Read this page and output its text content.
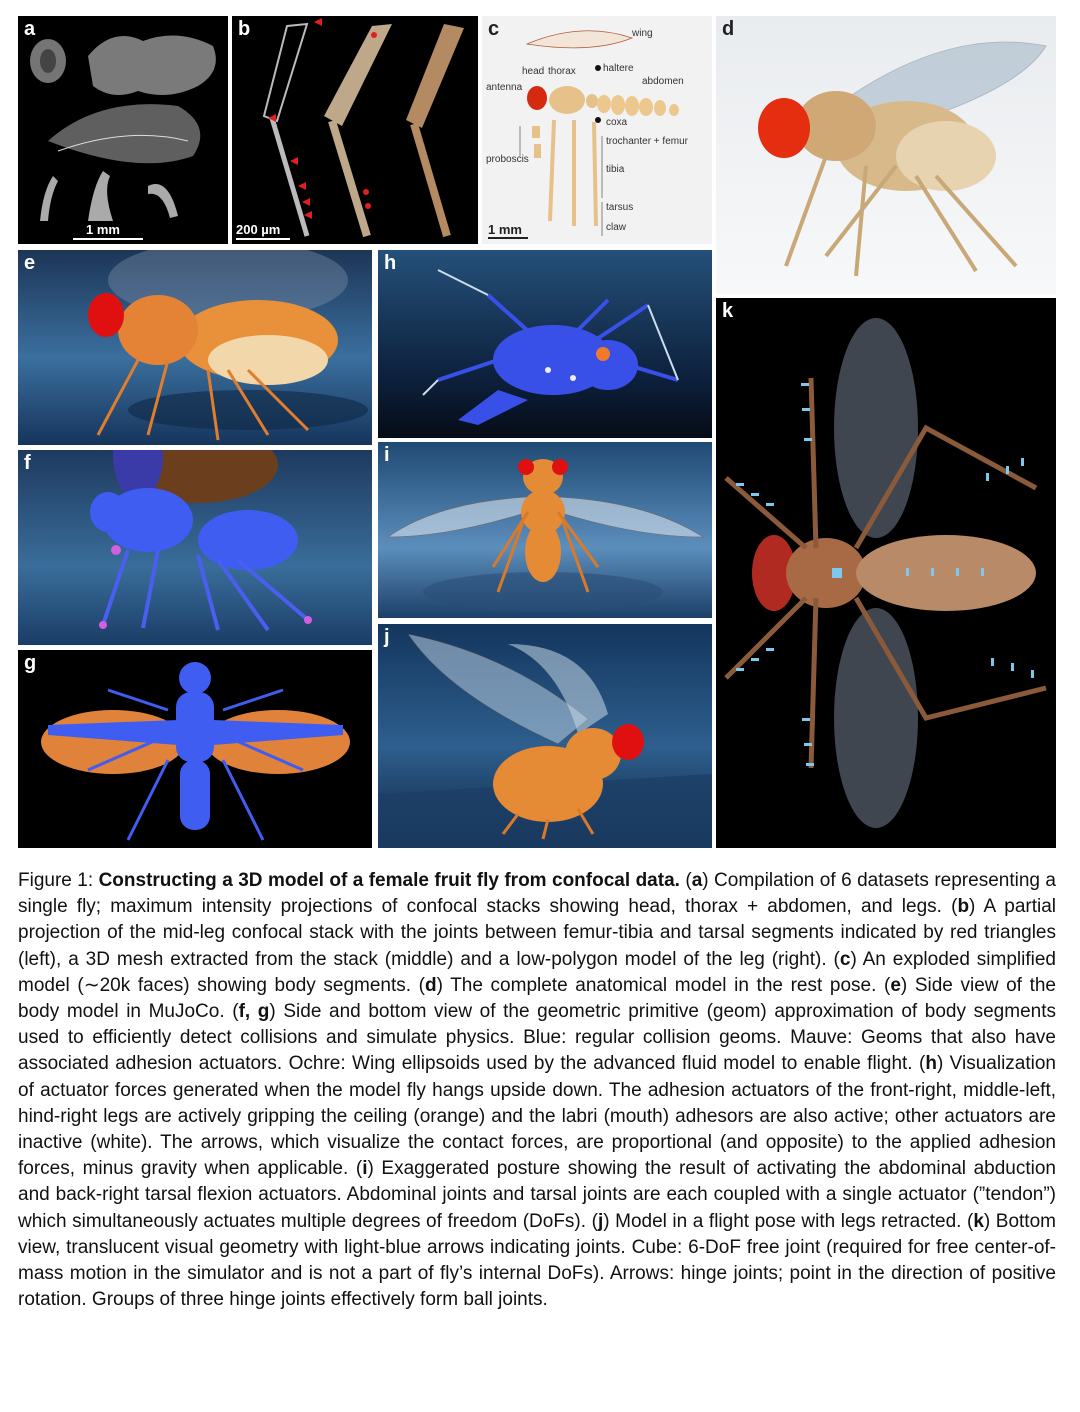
a
1 mm
b
200 µm
c	wing
head thorax	haltere
abdomen
antenna
coxa
trochanter + femur
proboscis
tibia
tarsus
claw
1 mm
d
e
f
g
h
i
j
k
Figure 1: Constructing a 3D model of a female fruit fly from confocal data. (a) Compilation of 6 datasets representing a single fly; maximum intensity projections of confocal stacks showing head, thorax + abdomen, and legs. (b) A partial projection of the mid-leg confocal stack with the joints between femur-tibia and tarsal segments indicated by red triangles (left), a 3D mesh extracted from the stack (middle) and a low-polygon model of the leg (right). (c) An exploded simplified model (∼20k faces) showing body segments. (d) The complete anatomical model in the rest pose. (e) Side view of the body model in MuJoCo. (f, g) Side and bottom view of the geometric primitive (geom) approximation of body segments used to efficiently detect collisions and simulate physics. Blue: regular collision geoms. Mauve: Geoms that also have associated adhesion actuators. Ochre: Wing ellipsoids used by the advanced fluid model to enable flight. (h) Visualization of actuator forces generated when the model fly hangs upside down. The adhesion actuators of the front-right, middle-left, hind-right legs are actively gripping the ceiling (orange) and the labri (mouth) adhesors are also active; other actuators are inactive (white). The arrows, which visualize the contact forces, are proportional (and opposite) to the applied adhesion forces, minus gravity when applicable. (i) Exaggerated posture showing the result of activating the abdominal abduction and back-right tarsal flexion actuators. Abdominal joints and tarsal joints are each coupled with a single actuator (”tendon”) which simultaneously actuates multiple degrees of freedom (DoFs). (j) Model in a flight pose with legs retracted. (k) Bottom view, translucent visual geometry with light-blue arrows indicating joints. Cube: 6-DoF free joint (required for free center-of-mass motion in the simulator and is not a part of fly’s internal DoFs). Arrows: hinge joints; point in the direction of positive rotation. Groups of three hinge joints effectively form ball joints.
